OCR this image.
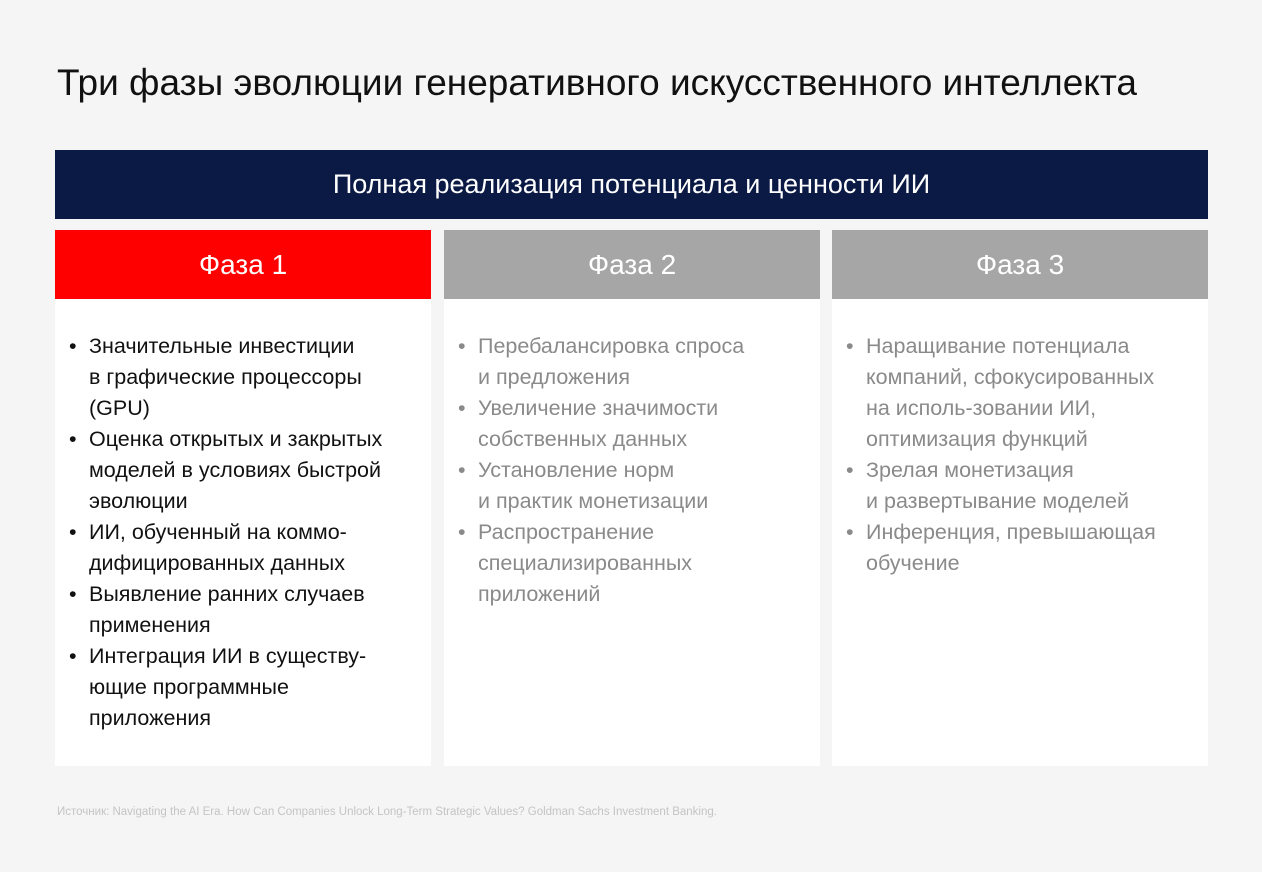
Три фазы эволюции генеративного искусственного интеллекта
Полная реализация потенциала и ценности ИИ
Фаза 1
• Значительные инвестиции
в графические процессоры
(GPU)
• Оценка открытых и закрытых
моделей в условиях быстрой
эволюции
• ИИ, обученный на коммо-
дифицированных данных
• Выявление ранних случаев
применения
• Интеграция ИИ в существу-
ющие программные
приложения
Фаза 2
• Перебалансировка спроса
и предложения
• Увеличение значимости
собственных данных
• Установление норм
и практик монетизации
• Распространение
специализированных
приложений
Фаза 3
• Наращивание потенциала
компаний, сфокусированных
на исполь-зовании ИИ,
оптимизация функций
• Зрелая монетизация
и развертывание моделей
• Инференция, превышающая
обучение
Источник: Navigating the AI Era. How Can Companies Unlock Long-Term Strategic Values? Goldman Sachs Investment Banking.
